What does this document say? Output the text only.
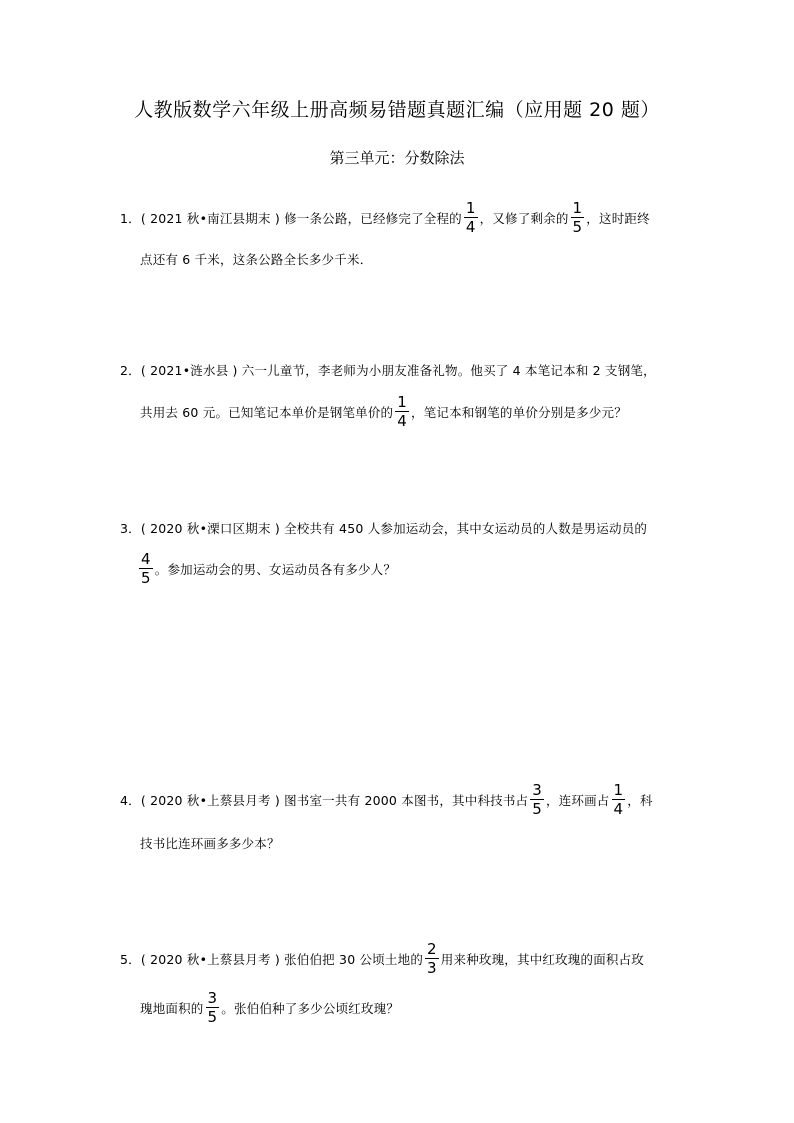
人教版数学六年级上册高频易错题真题汇编（应用题 20 题）
第三单元：分数除法
1．( 2021 秋•南江县期末 ) 修一条公路，已经修完了全程的 $\frac{1}{4}$ ，又修了剩余的 $\frac{1}{5}$ ，这时距终
点还有 6 千米，这条公路全长多少千米．
2．( 2021•涟水县 ) 六一儿童节，李老师为小朋友准备礼物。他买了 4 本笔记本和 2 支钢笔，
共用去 60 元。已知笔记本单价是钢笔单价的 $\frac{1}{4}$ ，笔记本和钢笔的单价分别是多少元？
3．( 2020 秋•溧口区期末 ) 全校共有 450 人参加运动会，其中女运动员的人数是男运动员的
$\frac{4}{5}$ 。参加运动会的男、女运动员各有多少人？
4．( 2020 秋•上蔡县月考 ) 图书室一共有 2000 本图书，其中科技书占 $\frac{3}{5}$ ，连环画占 $\frac{1}{4}$ ，科
技书比连环画多多少本？
5．( 2020 秋•上蔡县月考 ) 张伯伯把 30 公顷土地的 $\frac{2}{3}$ 用来种玫瑰，其中红玫瑰的面积占玫
瑰地面积的 $\frac{3}{5}$ 。张伯伯种了多少公顷红玫瑰？
